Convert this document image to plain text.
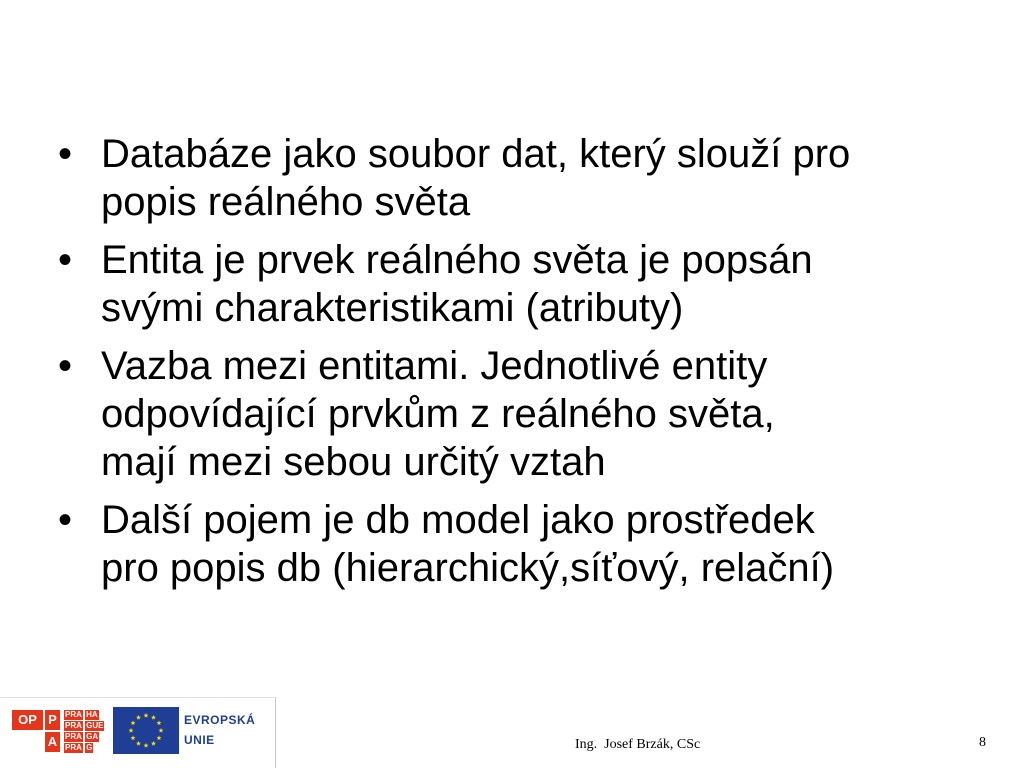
• Databáze jako soubor dat, který slouží pro
popis reálného světa
• Entita je prvek reálného světa je popsán
svými charakteristikami (atributy)
• Vazba mezi entitami. Jednotlivé entity
odpovídající prvkům z reálného světa,
mají mezi sebou určitý vztah
• Další pojem je db model jako prostředek
pro popis db (hierarchický,síťový, relační)
OP P
A
PRA HA
PRA GUE
PRA GA
PRA G
EVROPSKÁ
UNIE	Ing.  Josef Brzák, CSc	8
